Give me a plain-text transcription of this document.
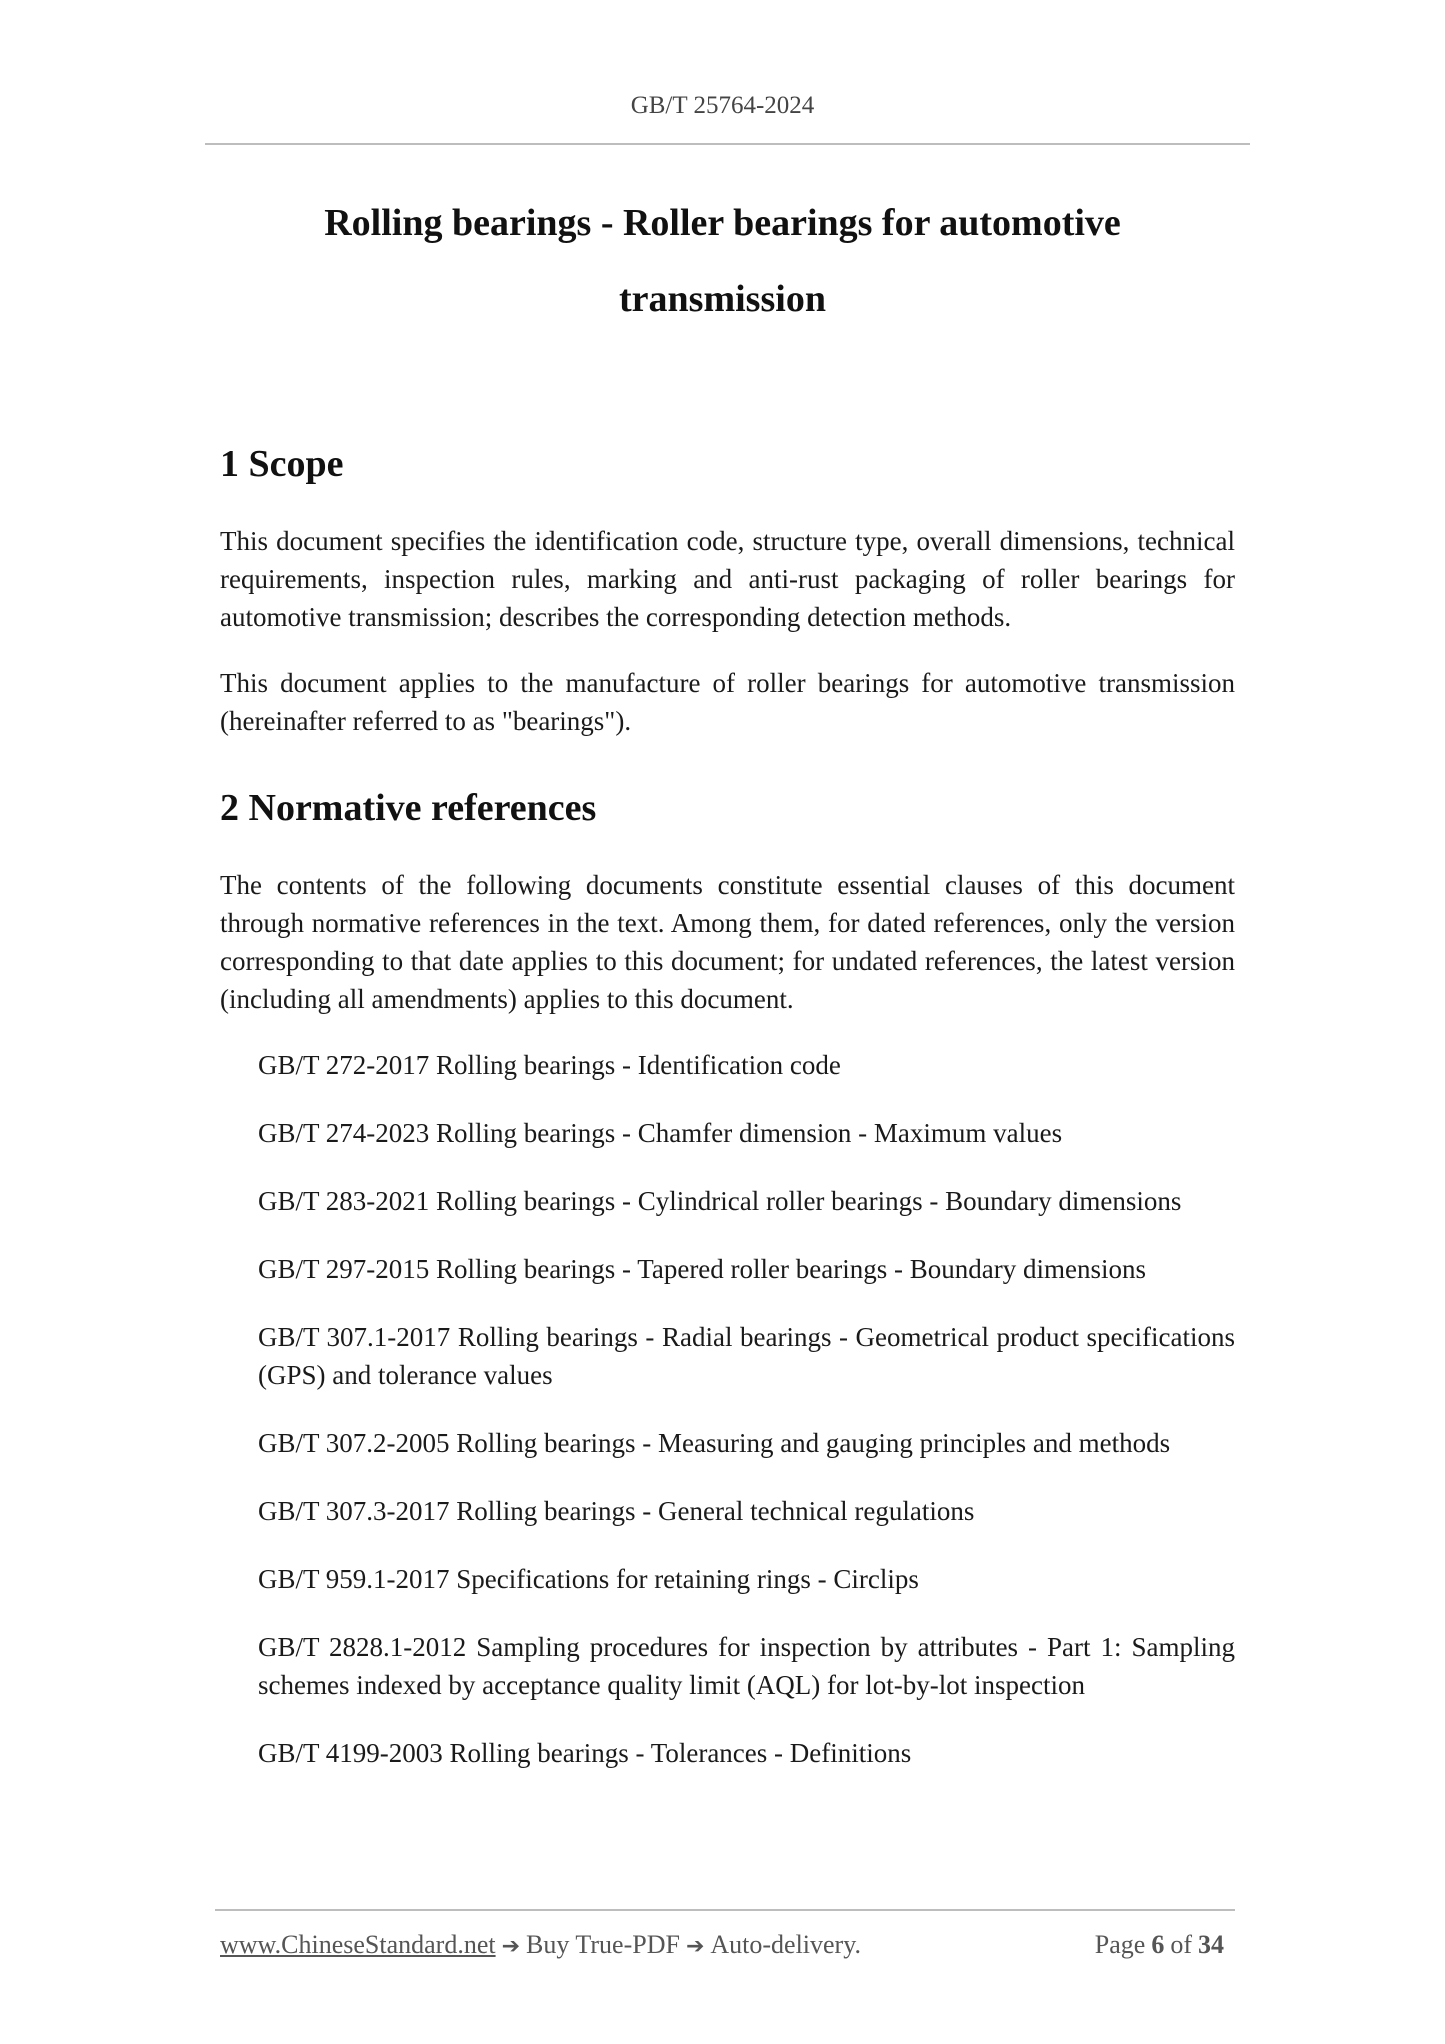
GB/T 25764-2024
Rolling bearings - Roller bearings for automotive transmission
1 Scope

This document specifies the identification code, structure type, overall dimensions, technical requirements, inspection rules, marking and anti-rust packaging of roller bearings for automotive transmission; describes the corresponding detection methods.

This document applies to the manufacture of roller bearings for automotive transmission (hereinafter referred to as "bearings").

2 Normative references

The contents of the following documents constitute essential clauses of this document through normative references in the text. Among them, for dated references, only the version corresponding to that date applies to this document; for undated references, the latest version (including all amendments) applies to this document.

GB/T 272-2017 Rolling bearings - Identification code
GB/T 274-2023 Rolling bearings - Chamfer dimension - Maximum values
GB/T 283-2021 Rolling bearings - Cylindrical roller bearings - Boundary dimensions
GB/T 297-2015 Rolling bearings - Tapered roller bearings - Boundary dimensions
GB/T 307.1-2017 Rolling bearings - Radial bearings - Geometrical product specifications (GPS) and tolerance values
GB/T 307.2-2005 Rolling bearings - Measuring and gauging principles and methods
GB/T 307.3-2017 Rolling bearings - General technical regulations
GB/T 959.1-2017 Specifications for retaining rings - Circlips
GB/T 2828.1-2012 Sampling procedures for inspection by attributes - Part 1: Sampling schemes indexed by acceptance quality limit (AQL) for lot-by-lot inspection
GB/T 4199-2003 Rolling bearings - Tolerances - Definitions
www.ChineseStandard.net ➔ Buy True-PDF ➔ Auto-delivery.	Page 6 of 34
